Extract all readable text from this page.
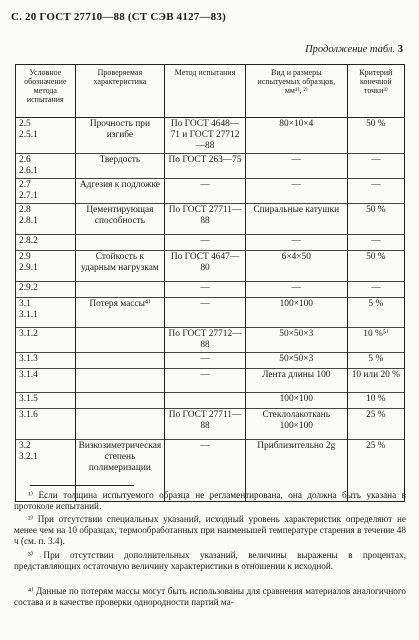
С. 20 ГОСТ 27710—88 (СТ СЭВ 4127—83)
Продолжение табл. 3
Условное обозначение метода испытания	Проверяемая характеристика	Метод испытания	Вид и размеры испытуемых образцов, мм¹⁾, ²⁾	Критерий конечной точки³⁾
2.5
2.5.1	Прочность при изгибе	По ГОСТ 4648—71 и ГОСТ 27712—88	80×10×4	50 %
2.6
2.6.1	Твердость	По ГОСТ 263—75	—	—
2.7
2.7.1	Адгезия к подложке	—	—	—
2.8
2.8.1	Цементирующая способность	По ГОСТ 27711—88	Спиральные катушки	50 %
2.8.2		—	—	—
2.9
2.9.1	Стойкость к ударным нагрузкам	По ГОСТ 4647—80	6×4×50	50 %
2.9.2		—	—	—
3.1
3.1.1	Потеря массы⁴⁾	—	100×100	5 %
3.1.2		По ГОСТ 27712—88	50×50×3	10 %⁵⁾
3.1.3		—	50×50×3	5 %
3.1.4		—	Лента длины 100	10 или 20 %
3.1.5			100×100	10 %
3.1.6		По ГОСТ 27711—88	Стеклолакоткань 100×100	25 %
3.2
3.2.1	Визкозиметрическая степень полимеризации	—	Приблизительно 2g	25 %
¹⁾ Если толщина испытуемого образца не регламентирована, она должна быть указана в протоколе испытаний.
²⁾ При отсутствии специальных указаний, исходный уровень характеристик определяют не менее чем на 10 образцах, термообработанных при наименьшей температуре старения в течение 48 ч (см. п. 3.4).
³⁾ При отсутствии дополнительных указаний, величины выражены в процентах, представляющих остаточную величину характеристики в отношении к исходной.
⁴⁾ Данные по потерям массы могут быть использованы для сравнения материалов аналогичного состава и в качестве проверки однородности партий ма-
